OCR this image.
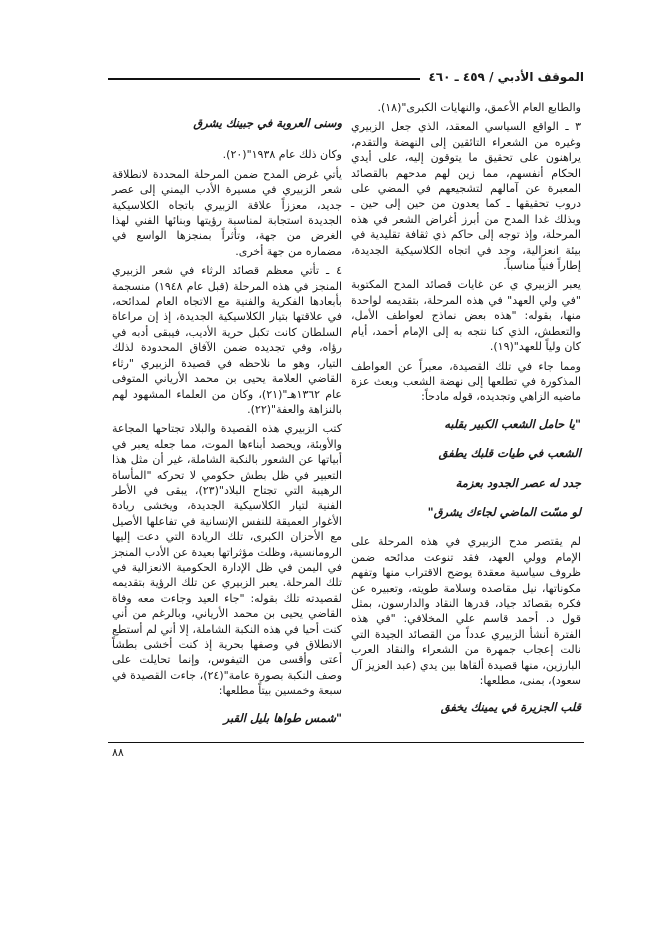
الموقف الأدبي / ٤٥٩ ـ ٤٦٠

والطابع العام الأعمق، والنهايات الكبرى"(١٨).

٣ ـ الواقع السياسي المعقد، الذي جعل الزبيري وغيره من الشعراء التائقين إلى النهضة والتقدم، يراهنون على تحقيق ما يتوقون إليه، على أيدي الحكام أنفسهم، مما زين لهم مدحهم بالقصائد المعبرة عن آمالهم لتشجيعهم في المضي على دروب تحقيقها ـ كما يعدون من حين إلى حين ـ وبذلك غدا المدح من أبرز أغراض الشعر في هذه المرحلة، وإذ توجه إلى حاكم ذي ثقافة تقليدية في بيئة انعزالية، وجد في اتجاه الكلاسيكية الجديدة، إطاراً فنياً مناسباً.

يعبر الزبيري ي عن غايات قصائد المدح المكتوبة "في ولي العهد" في هذه المرحلة، بتقديمه لواحدة منها، بقوله: "هذه بعض نماذج لعواطف الأمل، والتعطش، الذي كنا نتجه به إلى الإمام أحمد، أيام كان ولياً للعهد"(١٩).

ومما جاء في تلك القصيدة، معبراً عن العواطف المذكورة في تطلعها إلى نهضة الشعب وبعث عزة ماضيه الزاهي وتجديده، قوله مادحاً:

"يا حامل الشعب الكبير بقلبه

الشعب في طيات قلبك يطفق

جدد له عصر الجدود بعزمة

لو مسّت الماضي لجاءك يشرق"

لم يقتصر مدح الزبيري في هذه المرحلة على الإمام وولي العهد، فقد تنوعت مدائحه ضمن ظروف سياسية معقدة يوضح الاقتراب منها وتفهم مكوناتها، نيل مقاصده وسلامة طويته، وتعبيره عن فكره بقصائد جياد، قدرها النقاد والدارسون، بمثل قول د. أحمد قاسم علي المخلافي: "في هذه الفترة أنشأ الزبيري عدداً من القصائد الجيدة التي نالت إعجاب جمهرة من الشعراء والنقاد العرب البارزين، منها قصيدة ألقاها بين يدي (عبد العزيز آل سعود)، بمنى، مطلعها:

قلب الجزيرة في يمينك يخفق

وسنى العروبة في جبينك يشرق

وكان ذلك عام ١٩٣٨"(٢٠).

يأتي غرض المدح ضمن المرحلة المحددة لانطلاقة شعر الزبيري في مسيرة الأدب اليمني إلى عصر جديد، معززاً علاقة الزبيري باتجاه الكلاسيكية الجديدة استجابة لمناسبة رؤيتها وبنائها الفني لهذا الغرض من جهة، وتأثراً بمنجزها الواسع في مضماره من جهة أخرى.

٤ ـ تأتي معظم قصائد الرثاء في شعر الزبيري المنجز في هذه المرحلة (قبل عام ١٩٤٨) منسجمة بأبعادها الفكرية والفنية مع الاتجاه العام لمدائحه، في علاقتها بتيار الكلاسيكية الجديدة، إذ إن مراعاة السلطان كانت تكبل حرية الأديب، فيبقى أدبه في رؤاه، وفي تجديده ضمن الآفاق المحدودة لذلك التيار، وهو ما نلاحظه في قصيدة الزبيري "رثاء القاضي العلامة يحيى بن محمد الأرياني المتوفى عام ١٣٦٢هـ"(٢١)، وكان من العلماء المشهود لهم بالنزاهة والعفة"(٢٢).

كتب الزبيري هذه القصيدة والبلاد تجتاحها المجاعة والأوبئة، ويحصد أبناءها الموت، مما جعله يعبر في أبياتها عن الشعور بالنكبة الشاملة، غير أن مثل هذا التعبير في ظل بطش حكومي لا تحركه "المأساة الرهيبة التي تجتاح البلاد"(٢٣)، يبقى في الأطر الفنية لتيار الكلاسيكية الجديدة، ويخشى ريادة الأغوار العميقة للنفس الإنسانية في تفاعلها الأصيل مع الأحزان الكبرى، تلك الريادة التي دعت إليها الرومانسية، وظلت مؤثراتها بعيدة عن الأدب المنجز في اليمن في ظل الإدارة الحكومية الانعزالية في تلك المرحلة. يعبر الزبيري عن تلك الرؤية بتقديمه لقصيدته تلك بقوله: "جاء العيد وجاءت معه وفاة القاضي يحيى بن محمد الأرياني، وبالرغم من أني كنت أحيا في هذه النكبة الشاملة، إلا أني لم أستطع الانطلاق في وصفها بحرية إذ كنت أخشى بطشاً أعتى وأقسى من التيفوس، وإنما تحايلت على وصف النكبة بصورة عامة"(٢٤)، جاءت القصيدة في سبعة وخمسين بيتاً مطلعها:

"شمس طواها بليل القبر

٨٨
